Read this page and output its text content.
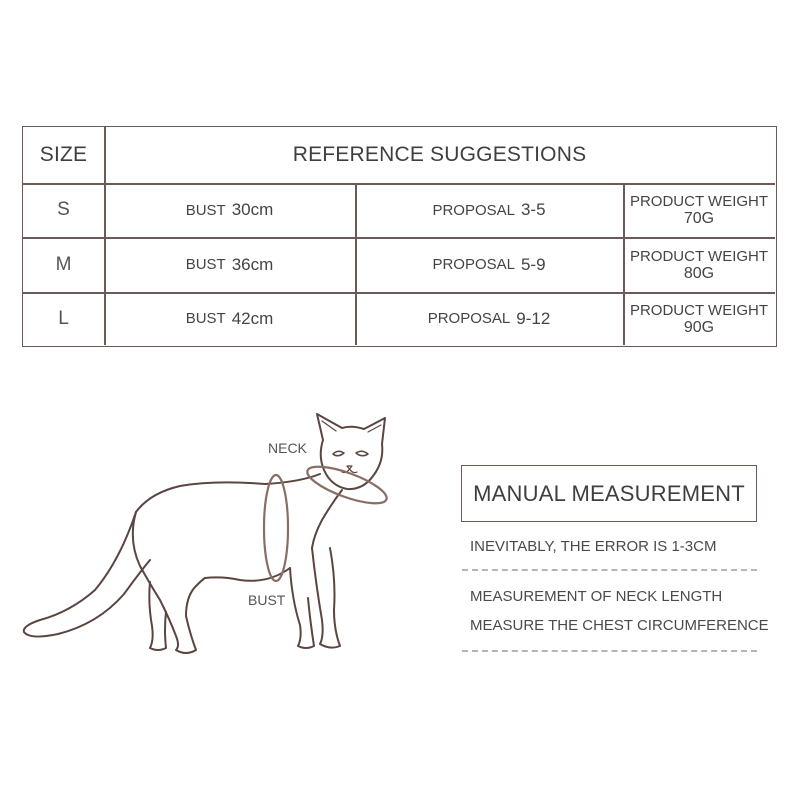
SIZE	REFERENCE SUGGESTIONS
S	BUST 30cm	PROPOSAL 3-5	PRODUCT WEIGHT
70G
M	BUST 36cm	PROPOSAL 5-9	PRODUCT WEIGHT
80G
L	BUST 42cm	PROPOSAL 9-12	PRODUCT WEIGHT
90G
NECK
BUST
MANUAL MEASUREMENT
INEVITABLY, THE ERROR IS 1-3CM
MEASUREMENT OF NECK LENGTH
MEASURE THE CHEST CIRCUMFERENCE
